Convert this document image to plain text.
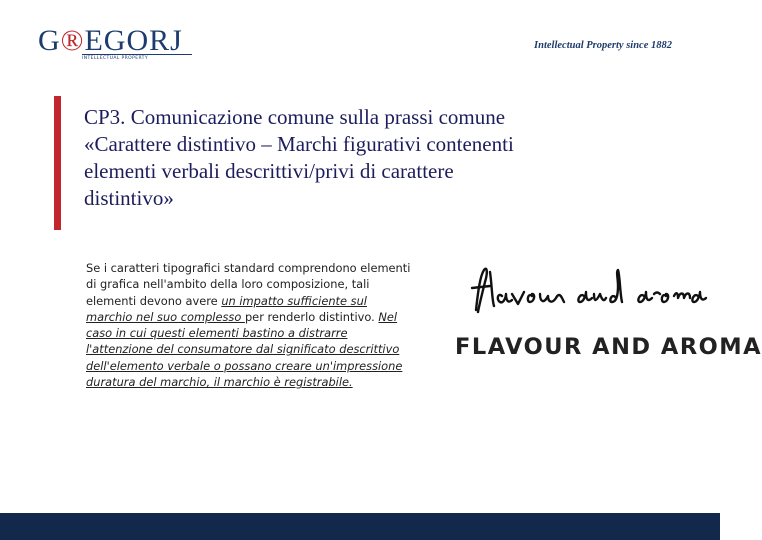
G®EGORJ
INTELLECTUAL PROPERTY
Intellectual Property since 1882
CP3. Comunicazione comune sulla prassi comune «Carattere distintivo – Marchi figurativi contenenti elementi verbali descrittivi/privi di carattere distintivo»
Se i caratteri tipografici standard comprendono elementi di grafica nell'ambito della loro composizione, tali elementi devono avere un impatto sufficiente sul marchio nel suo complesso per renderlo distintivo. Nel caso in cui questi elementi bastino a distrarre l'attenzione del consumatore dal significato descrittivo dell'elemento verbale o possano creare un'impressione duratura del marchio, il marchio è registrabile.
FLAVOUR AND AROMA
